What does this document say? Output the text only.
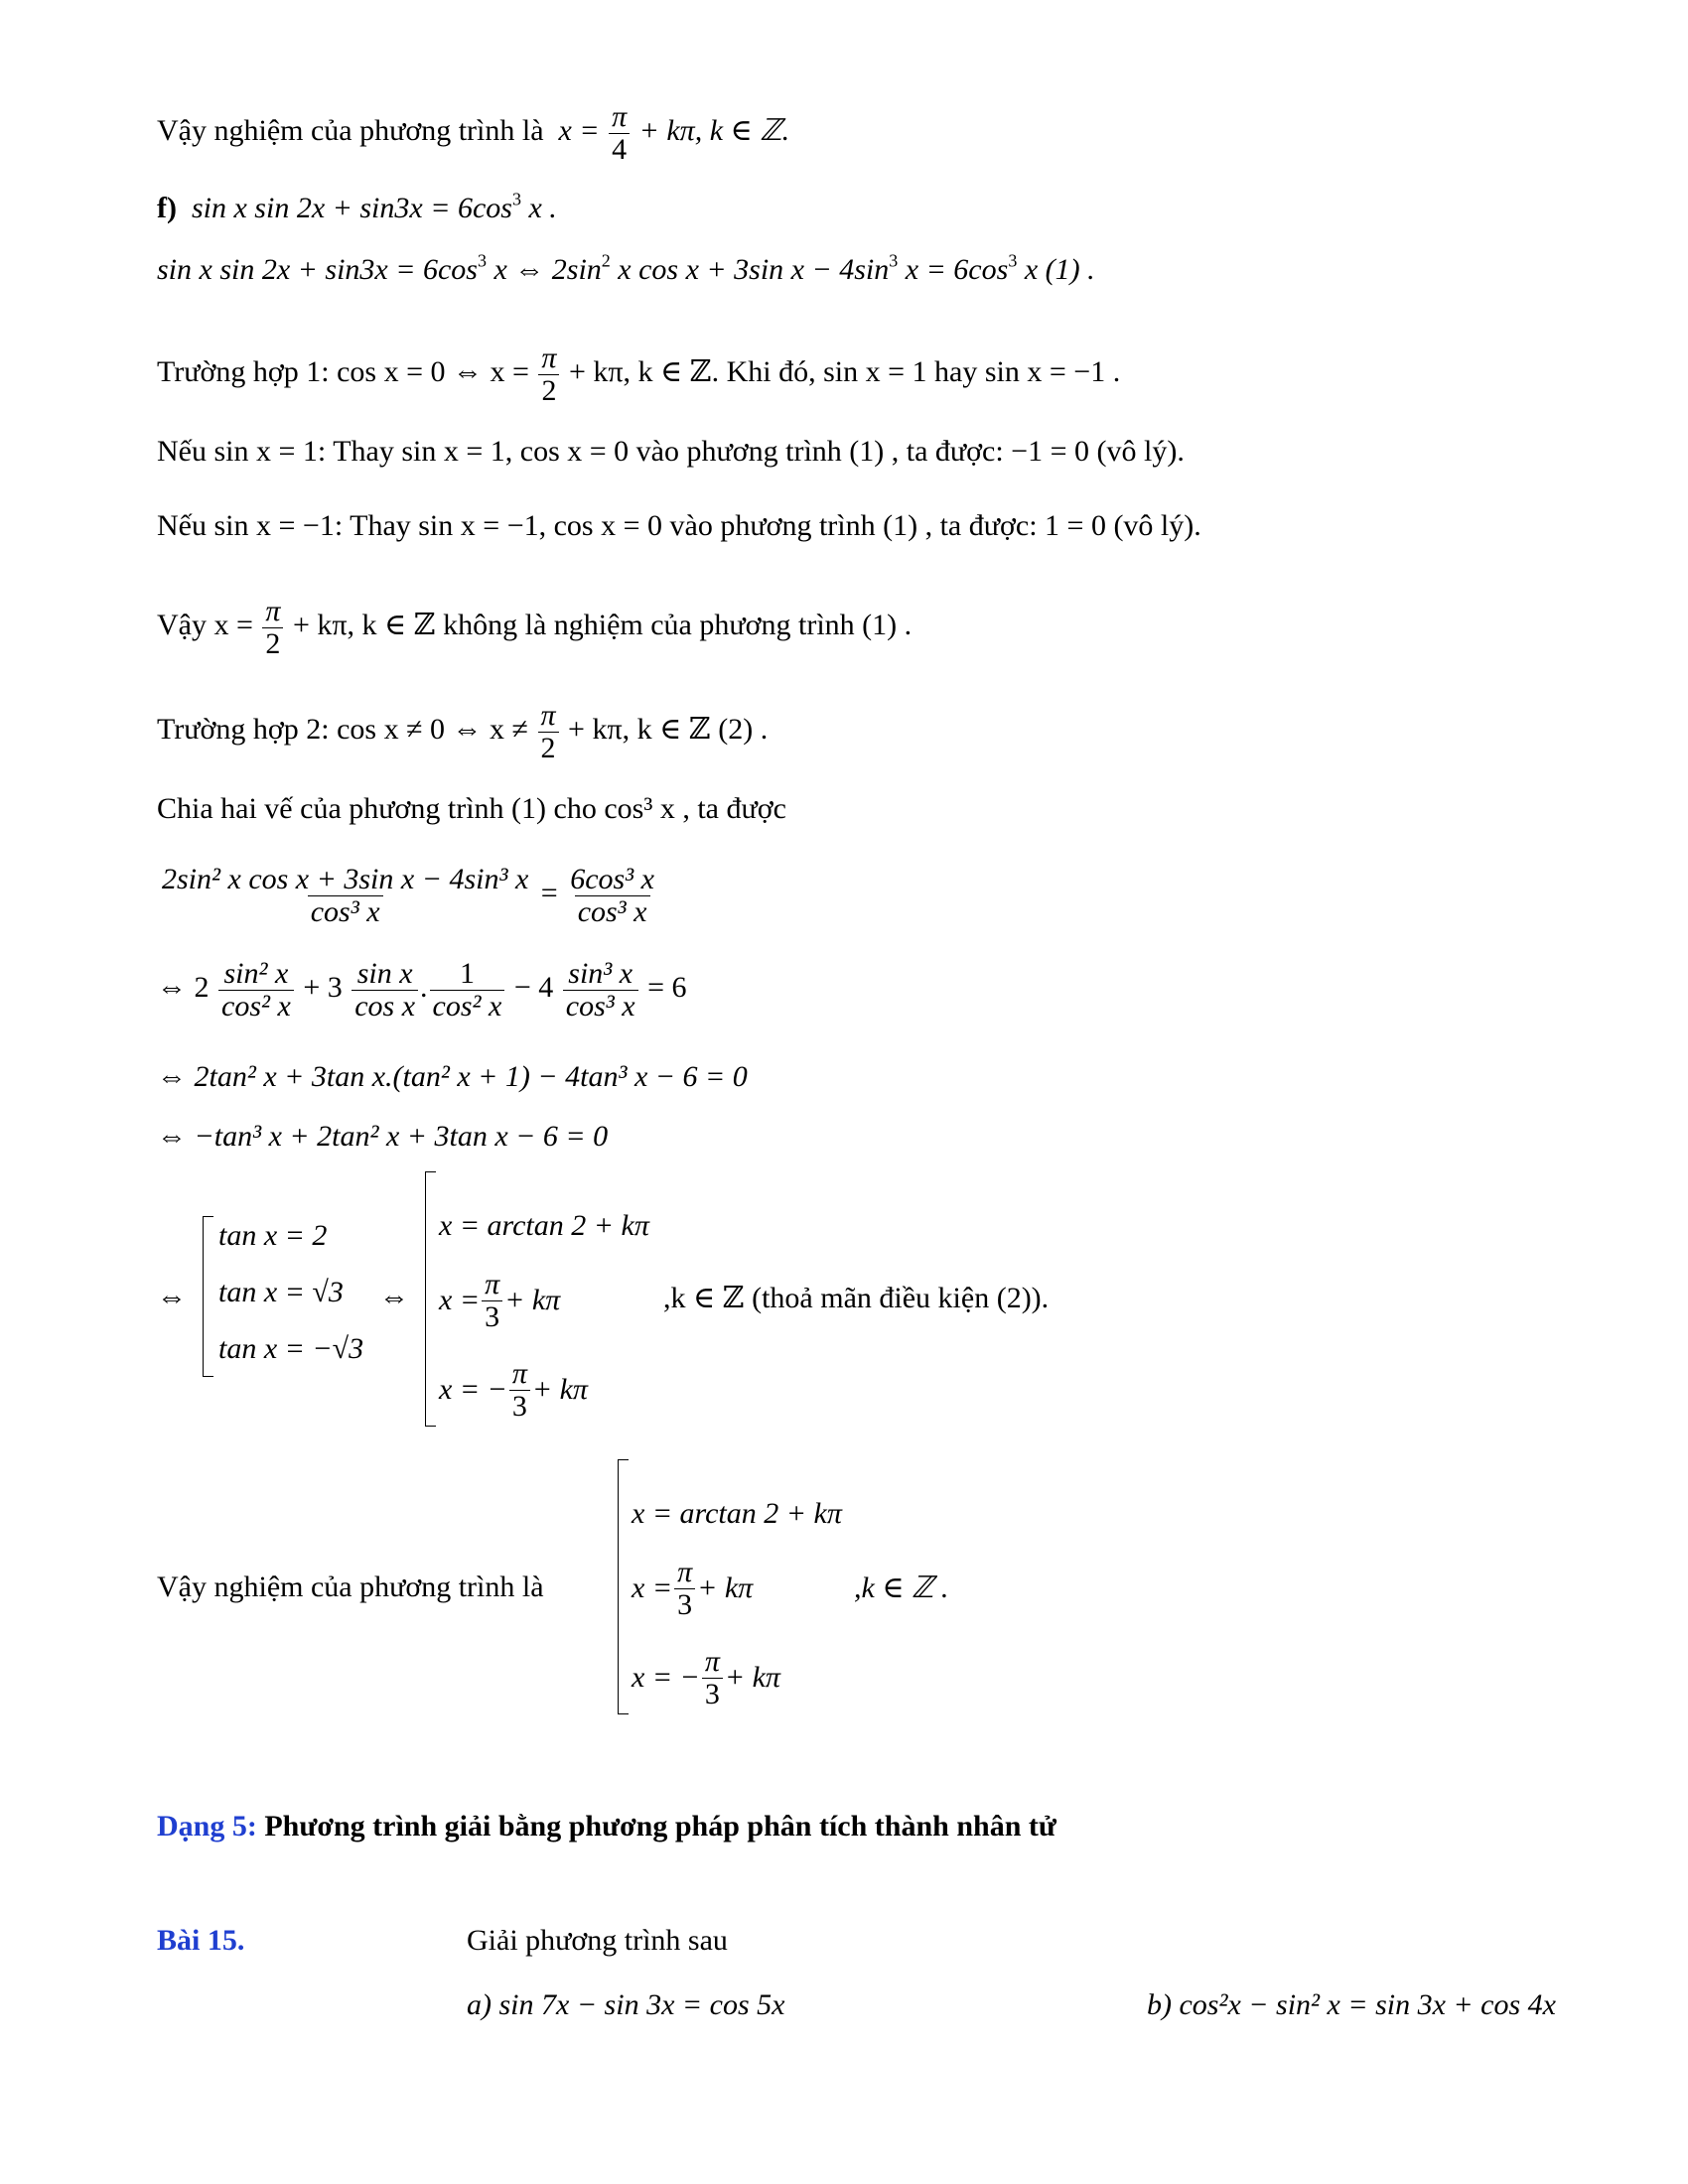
Vậy nghiệm của phương trình là $x = \frac{\pi}{4} + k\pi$, k ∈ ℤ.
f) sin x $\sin 2x + \sin 3x = 6\cos^3$ x .
sin x $\sin 2x + \sin 3x = 6\cos^3$ x ⇔ $2\sin^2$ x cos x + 3sin $x - 4\sin^3$ $x = 6\cos^3$ x (1) .
Trường hợp 1: cos x = 0 ⇔ $x = \frac{\pi}{2} + k\pi$, k ∈ ℤ. Khi đó, sin x = 1 hay sin x = −1 .
Nếu sin x = 1: Thay sin x = 1, cos x = 0 vào phương trình (1) , ta được: −1 = 0 (vô lý).
Nếu sin x = −1: Thay sin x = −1, cos x = 0 vào phương trình (1) , ta được: 1 = 0 (vô lý).
Vậy $x = \frac{\pi}{2} + k\pi$, k ∈ ℤ không là nghiệm của phương trình (1) .
Trường hợp 2: cos x ≠ 0 ⇔ $x \ne \frac{\pi}{2} + k\pi$, k ∈ ℤ (2) .
Chia hai vế của phương trình (1) cho cos³ x , ta được
$\frac{\text{2sin² x cos x + 3sin x − 4sin³ x}}{\text{cos³ x}} = \frac{\text{6cos³ x}}{\text{cos³ x}}$
⇔ $2 \frac{\text{sin² x}}{\text{cos² x}} + 3 \frac{\text{sin x}}{\text{cos x}}$ . $\frac{1}{\text{cos² x}} - 4 \frac{\text{sin³ x}}{\text{cos³ x}} = 6$
⇔ 2tan² x + 3tan x.(tan² x + 1) − 4tan³ x − 6 = 0
⇔ −tan³ x + 2tan² x + 3tan x − 6 = 0
⇔
tan x = 2
tan x = √3
tan x = −√3
⇔
x = arctan 2 + kπ
$x = \frac{\pi}{3} + k\pi$
x = − $\frac{\pi}{3} + k\pi$
,k ∈ ℤ (thoả mãn điều kiện (2)).
Vậy nghiệm của phương trình là
x = arctan 2 + kπ
$x = \frac{\pi}{3} + k\pi$
x = − $\frac{\pi}{3} + k\pi$
,k ∈ ℤ .
Dạng 5: Phương trình giải bằng phương pháp phân tích thành nhân tử
Bài 15.	Giải phương trình sau
a) sin 7x − sin 3x = cos 5x	b) cos²x − sin² x = sin 3x + cos 4x
